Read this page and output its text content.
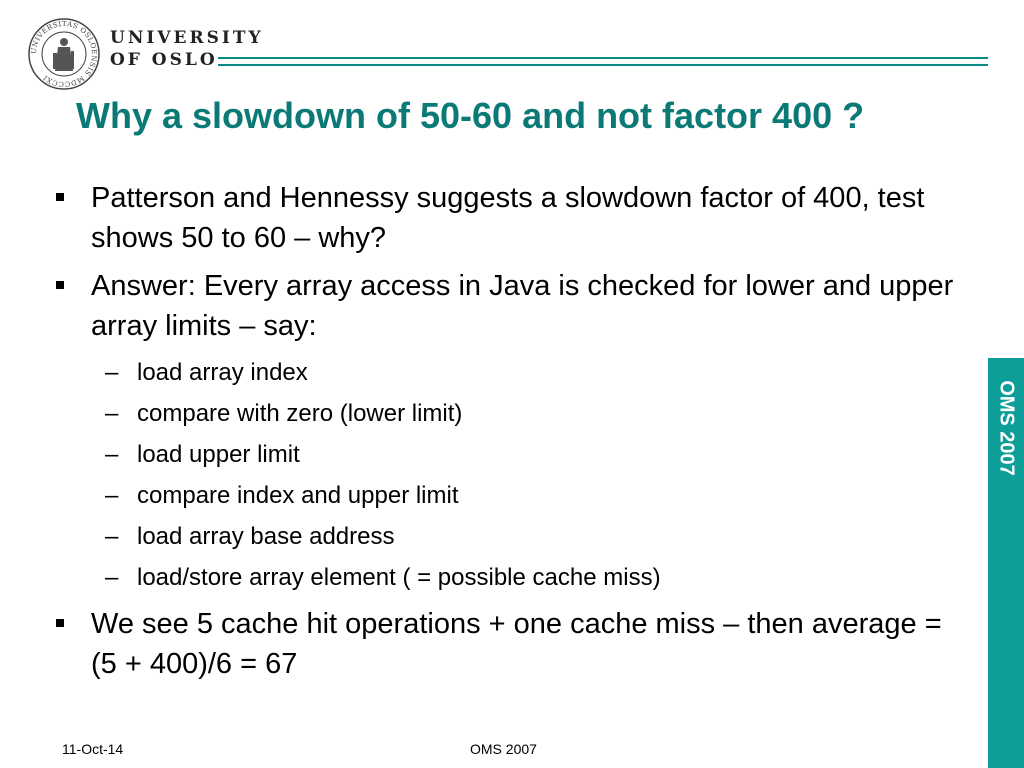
UNIVERSITAS OSLOENSIS MDCCCXI
UNIVERSITY
OF OSLO
Why a slowdown of 50-60 and not factor 400 ?
Patterson and Hennessy suggests a slowdown factor of 400, test shows 50 to 60 – why?
Answer: Every array access in Java is checked for lower and upper array limits – say:
– load array index
– compare with zero (lower limit)
– load upper limit
– compare index and upper limit
– load array base address
– load/store array element ( = possible cache miss)
We see 5 cache hit operations + one cache miss – then average = (5 + 400)/6 = 67
OMS 2007
11-Oct-14	OMS 2007
